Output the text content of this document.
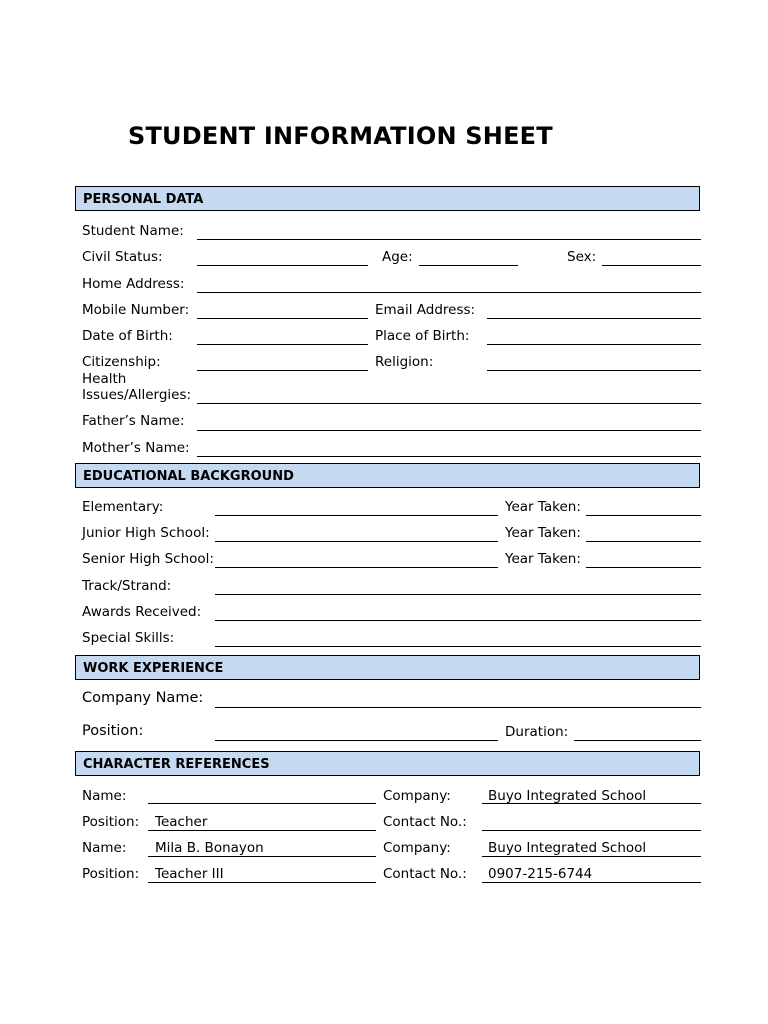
STUDENT INFORMATION SHEET
PERSONAL DATA
Student Name:
Civil Status:	Age:	Sex:
Home Address:
Mobile Number:	Email Address:
Date of Birth:	Place of Birth:
Citizenship:	Religion:
Health
Issues/Allergies:
Father’s Name:
Mother’s Name:
EDUCATIONAL BACKGROUND
Elementary:	Year Taken:
Junior High School:	Year Taken:
Senior High School:	Year Taken:
Track/Strand:
Awards Received:
Special Skills:
WORK EXPERIENCE
Company Name:
Position:	Duration:
CHARACTER REFERENCES
Name:	Company:	Buyo Integrated School
Position: Teacher	Contact No.:
Name: Mila B. Bonayon	Company:	Buyo Integrated School
Position: Teacher III	Contact No.: 0907-215-6744
